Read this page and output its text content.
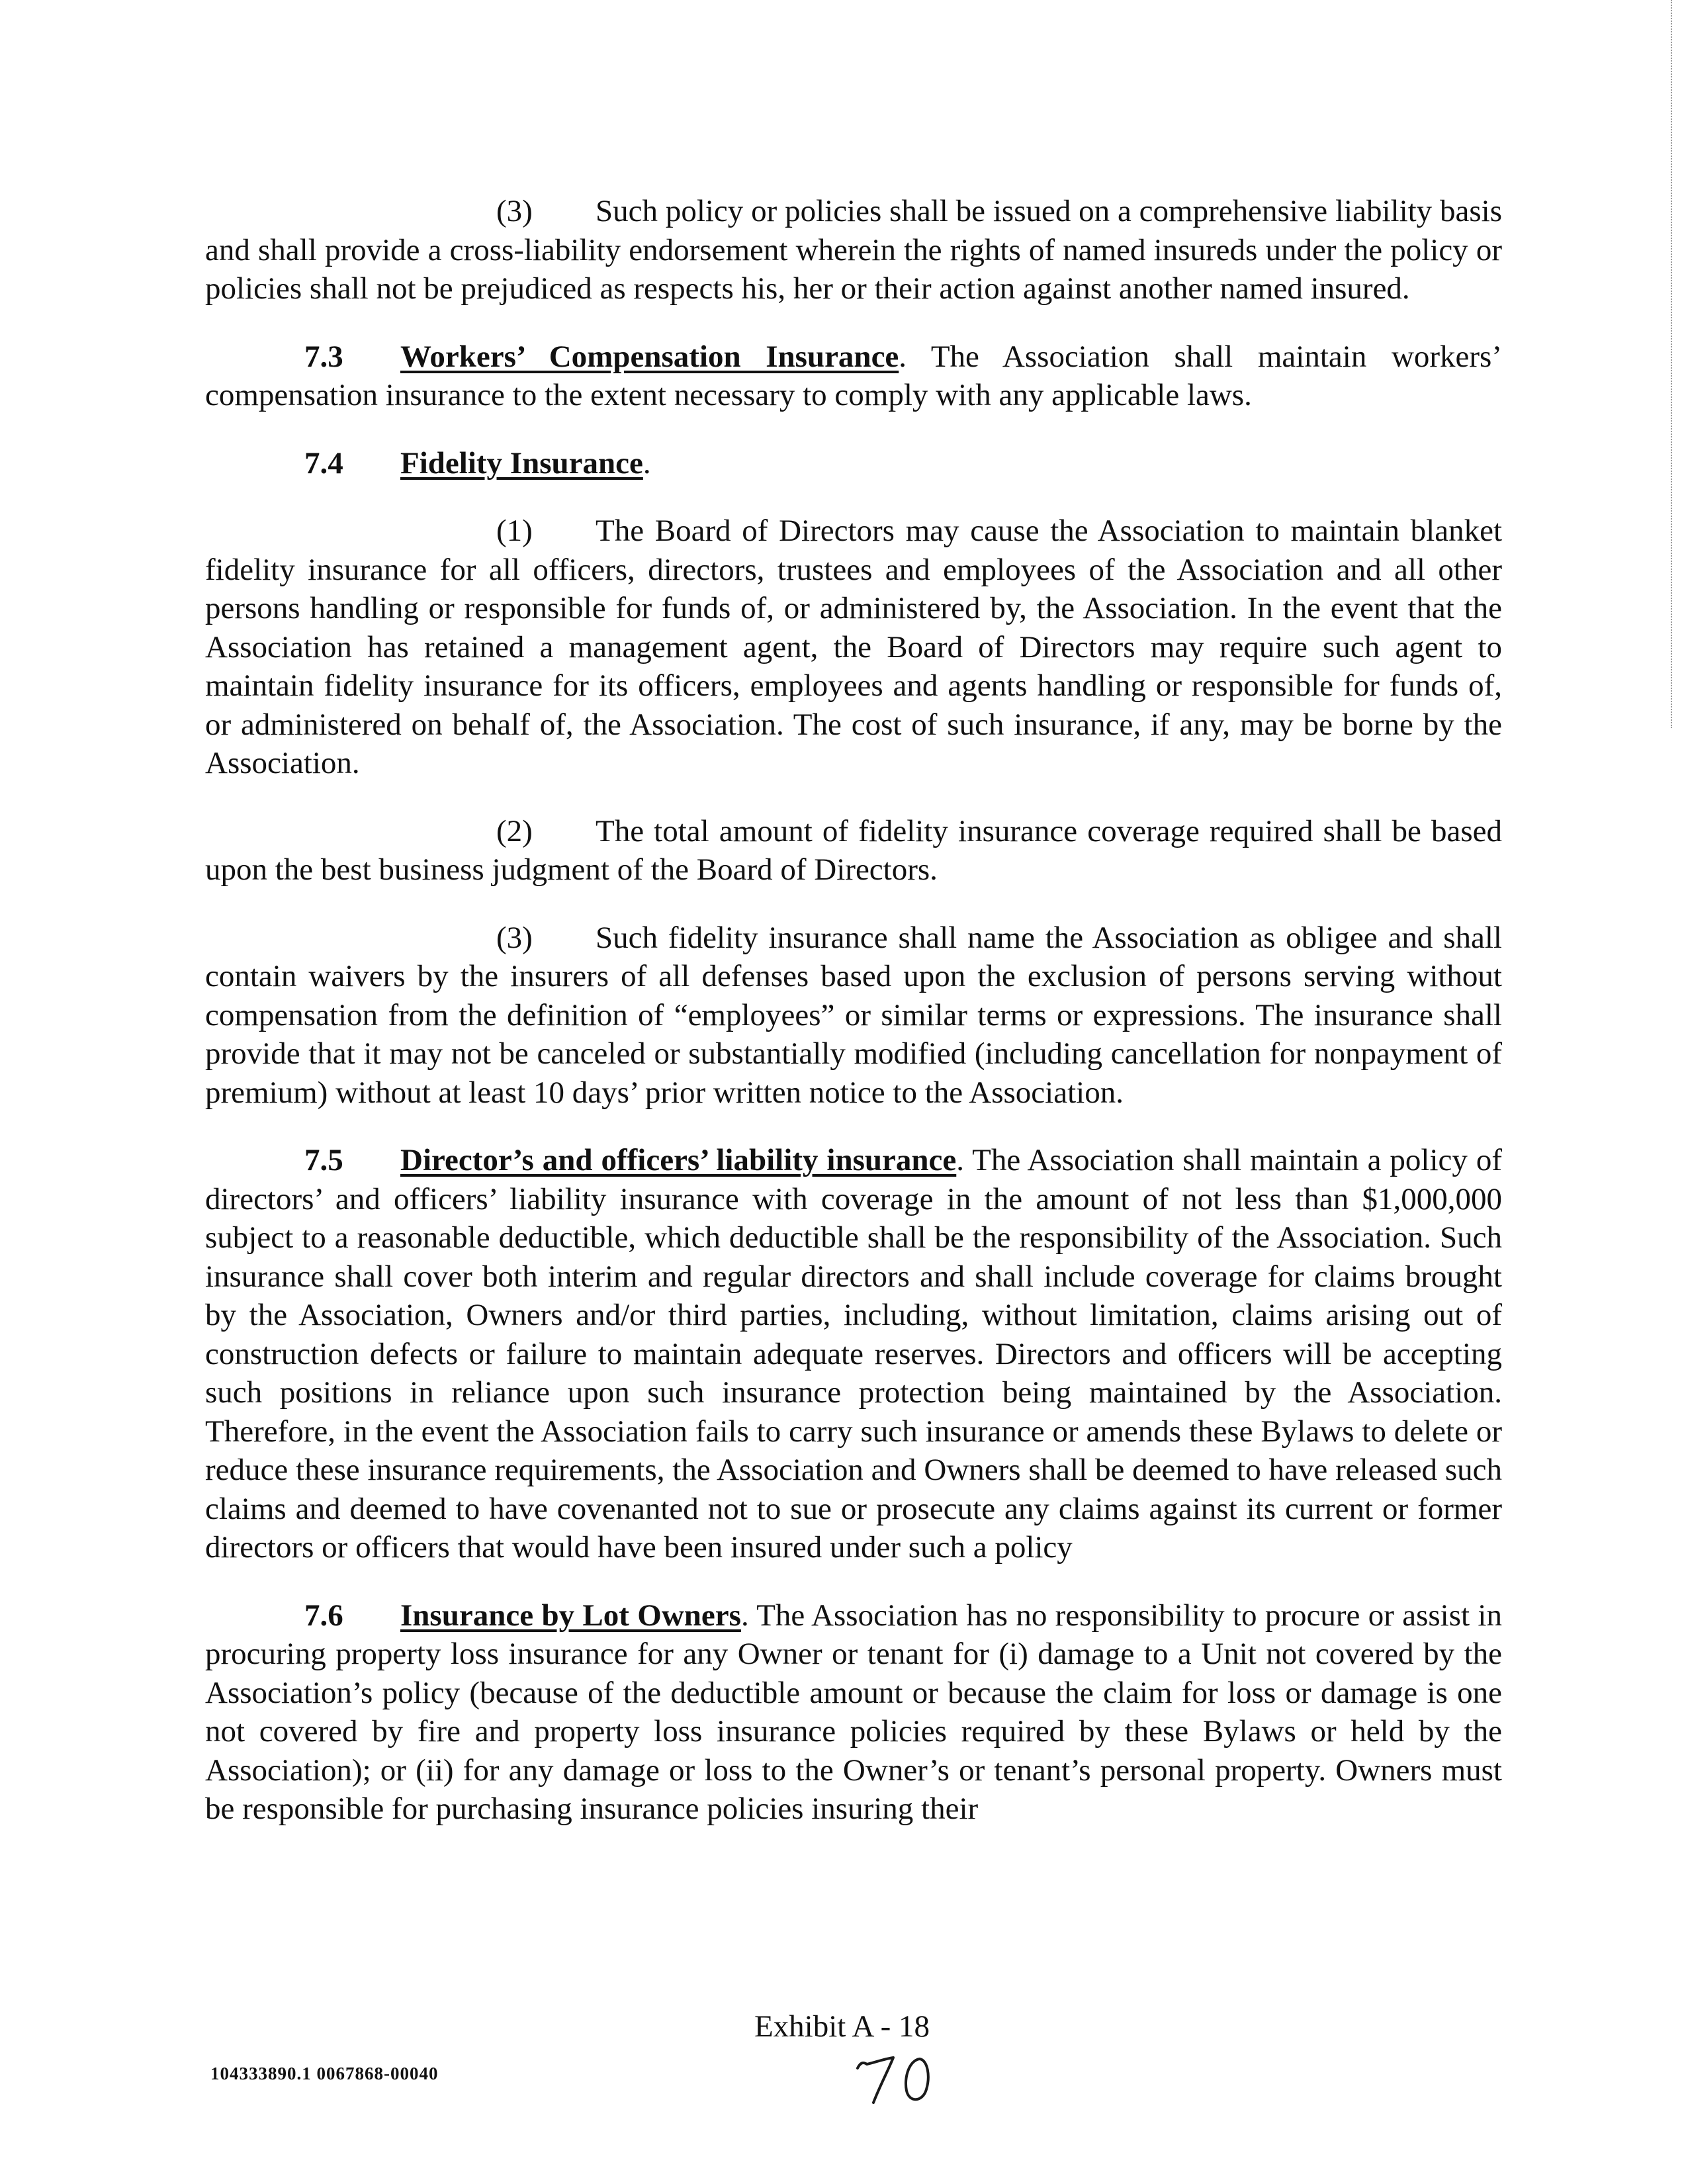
(3) Such policy or policies shall be issued on a comprehensive liability basis and shall provide a cross-liability endorsement wherein the rights of named insureds under the policy or policies shall not be prejudiced as respects his, her or their action against another named insured.

7.3 Workers’ Compensation Insurance. The Association shall maintain workers’ compensation insurance to the extent necessary to comply with any applicable laws.

7.4 Fidelity Insurance.

(1) The Board of Directors may cause the Association to maintain blanket fidelity insurance for all officers, directors, trustees and employees of the Association and all other persons handling or responsible for funds of, or administered by, the Association. In the event that the Association has retained a management agent, the Board of Directors may require such agent to maintain fidelity insurance for its officers, employees and agents handling or responsible for funds of, or administered on behalf of, the Association. The cost of such insurance, if any, may be borne by the Association.

(2) The total amount of fidelity insurance coverage required shall be based upon the best business judgment of the Board of Directors.

(3) Such fidelity insurance shall name the Association as obligee and shall contain waivers by the insurers of all defenses based upon the exclusion of persons serving without compensation from the definition of “employees” or similar terms or expressions. The insurance shall provide that it may not be canceled or substantially modified (including cancellation for nonpayment of premium) without at least 10 days’ prior written notice to the Association.

7.5 Director’s and officers’ liability insurance. The Association shall maintain a policy of directors’ and officers’ liability insurance with coverage in the amount of not less than $1,000,000 subject to a reasonable deductible, which deductible shall be the responsibility of the Association. Such insurance shall cover both interim and regular directors and shall include coverage for claims brought by the Association, Owners and/or third parties, including, without limitation, claims arising out of construction defects or failure to maintain adequate reserves. Directors and officers will be accepting such positions in reliance upon such insurance protection being maintained by the Association. Therefore, in the event the Association fails to carry such insurance or amends these Bylaws to delete or reduce these insurance requirements, the Association and Owners shall be deemed to have released such claims and deemed to have covenanted not to sue or prosecute any claims against its current or former directors or officers that would have been insured under such a policy

7.6 Insurance by Lot Owners. The Association has no responsibility to procure or assist in procuring property loss insurance for any Owner or tenant for (i) damage to a Unit not covered by the Association’s policy (because of the deductible amount or because the claim for loss or damage is one not covered by fire and property loss insurance policies required by these Bylaws or held by the Association); or (ii) for any damage or loss to the Owner’s or tenant’s personal property. Owners must be responsible for purchasing insurance policies insuring their

Exhibit A - 18
104333890.1 0067868-00040
